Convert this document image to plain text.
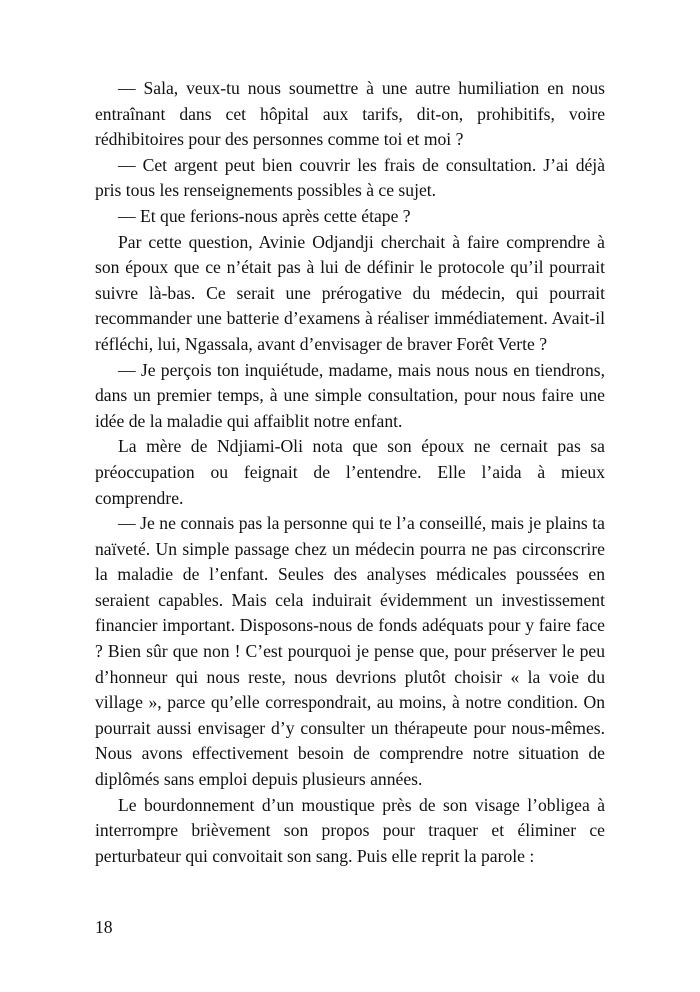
— Sala, veux-tu nous soumettre à une autre humiliation en nous entraînant dans cet hôpital aux tarifs, dit-on, prohibitifs, voire rédhibitoires pour des personnes comme toi et moi ?

— Cet argent peut bien couvrir les frais de consultation. J’ai déjà pris tous les renseignements possibles à ce sujet.

— Et que ferions-nous après cette étape ?

Par cette question, Avinie Odjandji cherchait à faire comprendre à son époux que ce n’était pas à lui de définir le protocole qu’il pourrait suivre là-bas. Ce serait une prérogative du médecin, qui pourrait recommander une batterie d’examens à réaliser immédiatement. Avait-il réfléchi, lui, Ngassala, avant d’envisager de braver Forêt Verte ?

— Je perçois ton inquiétude, madame, mais nous nous en tiendrons, dans un premier temps, à une simple consultation, pour nous faire une idée de la maladie qui affaiblit notre enfant.

La mère de Ndjiami-Oli nota que son époux ne cernait pas sa préoccupation ou feignait de l’entendre. Elle l’aida à mieux comprendre.

— Je ne connais pas la personne qui te l’a conseillé, mais je plains ta naïveté. Un simple passage chez un médecin pourra ne pas circonscrire la maladie de l’enfant. Seules des analyses médicales poussées en seraient capables. Mais cela induirait évidemment un investissement financier important. Disposons-nous de fonds adéquats pour y faire face ? Bien sûr que non ! C’est pourquoi je pense que, pour préserver le peu d’honneur qui nous reste, nous devrions plutôt choisir « la voie du village », parce qu’elle correspondrait, au moins, à notre condition. On pourrait aussi envisager d’y consulter un thérapeute pour nous-mêmes. Nous avons effectivement besoin de comprendre notre situation de diplômés sans emploi depuis plusieurs années.

Le bourdonnement d’un moustique près de son visage l’obligea à interrompre brièvement son propos pour traquer et éliminer ce perturbateur qui convoitait son sang. Puis elle reprit la parole :

18
